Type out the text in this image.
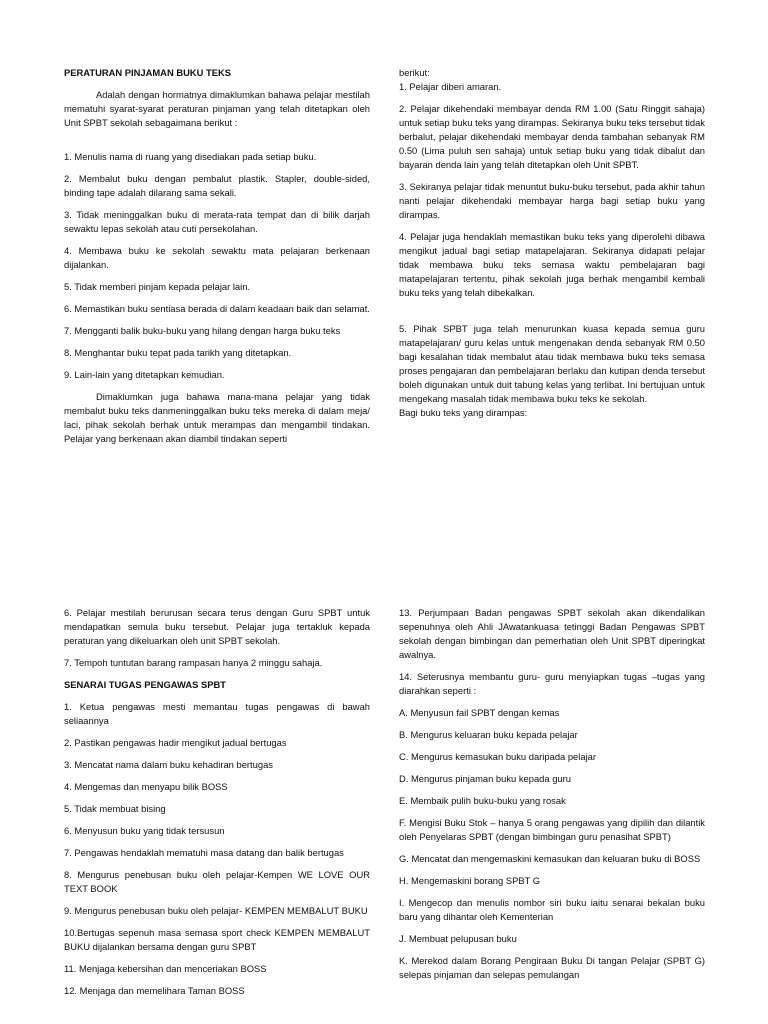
PERATURAN PINJAMAN BUKU TEKS

Adalah dengan hormatnya dimaklumkan bahawa pelajar mestilah mematuhi syarat-syarat peraturan pinjaman yang telah ditetapkan oleh Unit SPBT sekolah sebagaimana berikut :

1. Menulis nama di ruang yang disediakan pada setiap buku.

2. Membalut buku dengan pembalut plastik. Stapler, double-sided, binding tape adalah dilarang sama sekali.

3. Tidak meninggalkan buku di merata-rata tempat dan di bilik darjah sewaktu lepas sekolah atau cuti persekolahan.

4. Membawa buku ke sekolah sewaktu mata pelajaran berkenaan dijalankan.

5. Tidak memberi pinjam kepada pelajar lain.

6. Memastikan buku sentiasa berada di dalam keadaan baik dan selamat.

7. Mengganti balik buku-buku yang hilang dengan harga buku teks

8. Menghantar buku tepat pada tarikh yang ditetapkan.

9. Lain-lain yang ditetapkan kemudian.

Dimaklumkan juga bahawa mana-mana pelajar yang tidak membalut buku teks danmeninggalkan buku teks mereka di dalam meja/ laci, pihak sekolah berhak untuk merampas dan mengambil tindakan. Pelajar yang berkenaan akan diambil tindakan seperti

berikut:
1. Pelajar diberi amaran.

2. Pelajar dikehendaki membayar denda RM 1.00 (Satu Ringgit sahaja) untuk setiap buku teks yang dirampas. Sekiranya buku teks tersebut tidak berbalut, pelajar dikehendaki membayar denda tambahan sebanyak RM 0.50 (Lima puluh sen sahaja) untuk setiap buku yang tidak dibalut dan bayaran denda lain yang telah ditetapkan oleh Unit SPBT.

3. Sekiranya pelajar tidak menuntut buku-buku tersebut, pada akhir tahun nanti pelajar dikehendaki membayar harga bagi setiap buku yang dirampas.

4. Pelajar juga hendaklah memastikan buku teks yang diperolehi dibawa mengikut jadual bagi setiap matapelajaran. Sekiranya didapati pelajar tidak membawa buku teks semasa waktu pembelajaran bagi matapelajaran tertentu, pihak sekolah juga berhak mengambil kembali buku teks yang telah dibekalkan.

5. Pihak SPBT juga telah menurunkan kuasa kepada semua guru matapelajaran/ guru kelas untuk mengenakan denda sebanyak RM 0.50 bagi kesalahan tidak membalut atau tidak membawa buku teks semasa proses pengajaran dan pembelajaran berlaku dan kutipan denda tersebut boleh digunakan untuk duit tabung kelas yang terlibat. Ini bertujuan untuk mengekang masalah tidak membawa buku teks ke sekolah.
Bagi buku teks yang dirampas:

6. Pelajar mestilah berurusan secara terus dengan Guru SPBT untuk mendapatkan semula buku tersebut. Pelajar juga tertakluk kepada peraturan yang dikeluarkan oleh unit SPBT sekolah.

7. Tempoh tuntutan barang rampasan hanya 2 minggu sahaja.

SENARAI TUGAS PENGAWAS SPBT

1. Ketua pengawas mesti memantau tugas pengawas di bawah seliaannya

2. Pastikan pengawas hadir mengikut jadual bertugas

3. Mencatat nama dalam buku kehadiran bertugas

4. Mengemas dan menyapu bilik BOSS

5. Tidak membuat bising

6. Menyusun buku yang tidak tersusun

7. Pengawas hendaklah mematuhi masa datang dan balik bertugas

8. Mengurus penebusan buku oleh pelajar-Kempen WE LOVE OUR TEXT BOOK

9. Mengurus penebusan buku oleh pelajar- KEMPEN MEMBALUT BUKU

10.Bertugas sepenuh masa semasa sport check KEMPEN MEMBALUT BUKU dijalankan bersama dengan guru SPBT

11. Menjaga kebersihan dan menceriakan BOSS

12. Menjaga dan memelihara Taman BOSS

13. Perjumpaan Badan pengawas SPBT sekolah akan dikendalikan sepenuhnya oleh Ahli JAwatankuasa tetinggi Badan Pengawas SPBT sekolah dengan bimbingan dan pemerhatian oleh Unit SPBT diperingkat awalnya.

14. Seterusnya membantu guru- guru menyiapkan tugas –tugas yang diarahkan seperti :

A. Menyusun fail SPBT dengan kemas

B. Mengurus keluaran buku kepada pelajar

C. Mengurus kemasukan buku daripada pelajar

D. Mengurus pinjaman buku kepada guru

E. Membaik pulih buku-buku yang rosak

F. Mengisi Buku Stok – hanya 5 orang pengawas yang dipilih dan dilantik oleh Penyelaras SPBT (dengan bimbingan guru penasihat SPBT)

G. Mencatat dan mengemaskini kemasukan dan keluaran buku di BOSS

H. Mengemaskini borang SPBT G

I. Mengecop dan menulis nombor siri buku iaitu senarai bekalan buku baru yang dihantar oleh Kementerian

J. Membuat pelupusan buku

K. Merekod dalam Borang Pengiraan Buku Di tangan Pelajar (SPBT G) selepas pinjaman dan selepas pemulangan
